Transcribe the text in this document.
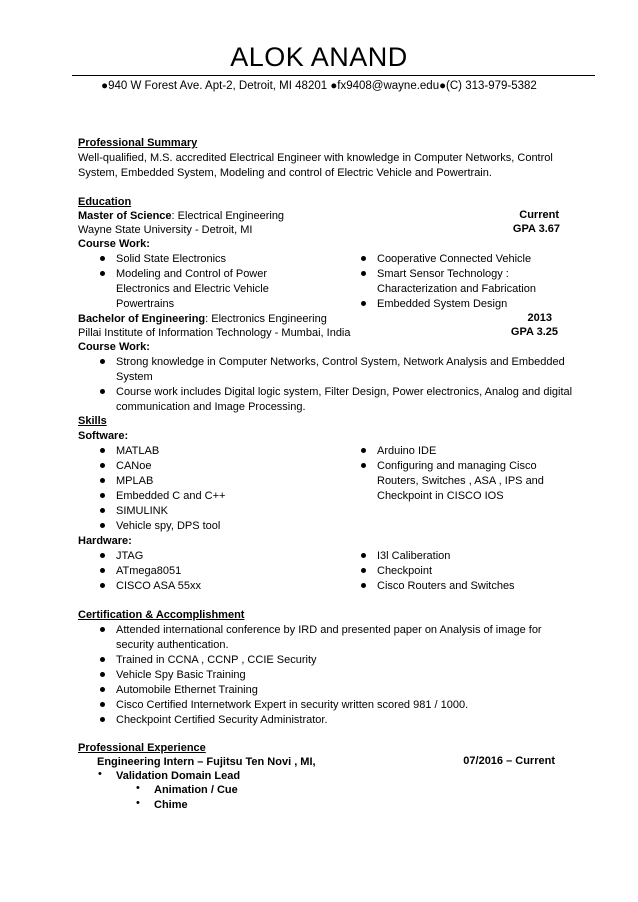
ALOK ANAND
●940 W Forest Ave. Apt-2, Detroit, MI 48201 ●fx9408@wayne.edu●(C) 313-979-5382
Professional Summary
Well-qualified, M.S. accredited Electrical Engineer with knowledge in Computer Networks, Control
System, Embedded System, Modeling and control of Electric Vehicle and Powertrain.
Education
Master of Science: Electrical Engineering	Current
Wayne State University - Detroit, MI	GPA 3.67
Course Work:
Solid State Electronics
Modeling and Control of Power
Electronics and Electric Vehicle
Powertrains
Cooperative Connected Vehicle
Smart Sensor Technology :
Characterization and Fabrication
Embedded System Design
Bachelor of Engineering: Electronics Engineering	2013
Pillai Institute of Information Technology - Mumbai, India	GPA 3.25
Course Work:
Strong knowledge in Computer Networks, Control System, Network Analysis and Embedded
System
Course work includes Digital logic system, Filter Design, Power electronics, Analog and digital
communication and Image Processing.
Skills
Software:
MATLAB
CANoe
MPLAB
Embedded C and C++
SIMULINK
Vehicle spy, DPS tool
Arduino IDE
Configuring and managing Cisco
Routers, Switches , ASA , IPS and
Checkpoint in CISCO IOS
Hardware:
JTAG
ATmega8051
CISCO ASA 55xx
I3l Caliberation
Checkpoint
Cisco Routers and Switches
Certification & Accomplishment
Attended international conference by IRD and presented paper on Analysis of image for
security authentication.
Trained in CCNA , CCNP , CCIE Security
Vehicle Spy Basic Training
Automobile Ethernet Training
Cisco Certified Internetwork Expert in security written scored 981 / 1000.
Checkpoint Certified Security Administrator.
Professional Experience
Engineering Intern – Fujitsu Ten Novi , MI,	07/2016 – Current
• Validation Domain Lead
• Animation / Cue
• Chime
